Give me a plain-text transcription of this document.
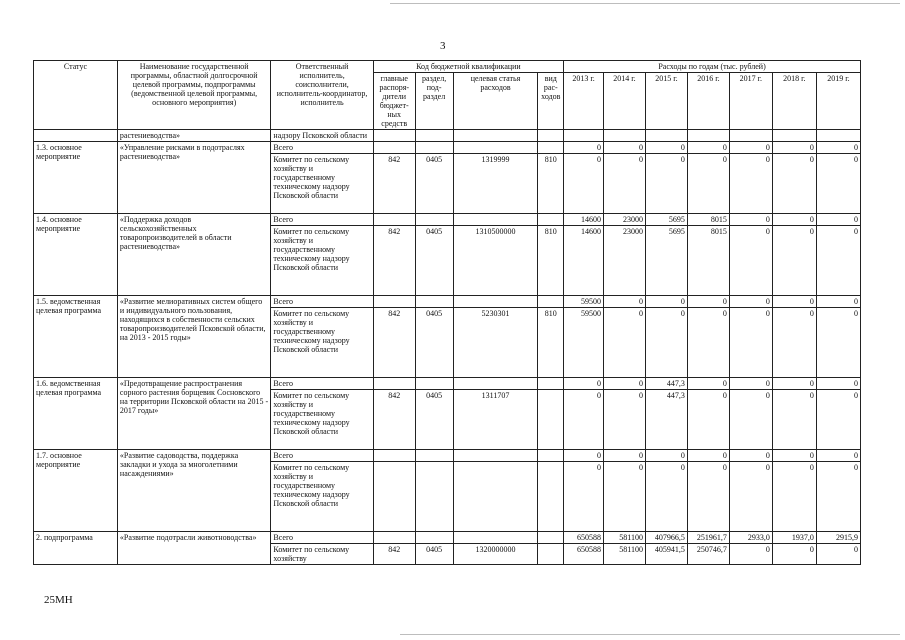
3
Статус	Наименование государственной программы, областной долгосрочной целевой программы, подпрограммы (ведомственной целевой программы, основного мероприятия)	Ответственный исполнитель, соисполнители, исполнитель-координатор, исполнитель	Код бюджетной квалификации				Расходы по годам (тыс. рублей)						
			главные распоря-дители бюджет-ных средств	раздел, под-раздел	целевая статья расходов	вид рас-ходов	2013 г.	2014 г.	2015 г.	2016 г.	2017 г.	2018 г.	2019 г.
	растениеводства»	надзору Псковской области											
1.3. основное мероприятие	«Управление рисками в подотраслях растениеводства»	Всего					0	0	0	0	0	0	0
		Комитет по сельскому хозяйству и государственному техническому надзору Псковской области	842	0405	1319999	810	0	0	0	0	0	0	0
1.4. основное мероприятие	«Поддержка доходов сельскохозяйственных товаропроизводителей в области растениеводства»	Всего					14600	23000	5695	8015	0	0	0
		Комитет по сельскому хозяйству и государственному техническому надзору Псковской области	842	0405	1310500000	810	14600	23000	5695	8015	0	0	0
1.5. ведомственная целевая программа	«Развитие мелиоративных систем общего и индивидуального пользования, находящихся в собственности сельских товаропроизводителей Псковской области, на 2013 - 2015 годы»	Всего					59500	0	0	0	0	0	0
		Комитет по сельскому хозяйству и государственному техническому надзору Псковской области	842	0405	5230301	810	59500	0	0	0	0	0	0
1.6. ведомственная целевая программа	«Предотвращение распространения сорного растения борщевик Сосновского на территории Псковской области на 2015 - 2017 годы»	Всего					0	0	447,3	0	0	0	0
		Комитет по сельскому хозяйству и государственному техническому надзору Псковской области	842	0405	1311707		0	0	447,3	0	0	0	0
1.7. основное мероприятие	«Развитие садоводства, поддержка закладки и ухода за многолетними насаждениями»	Всего					0	0	0	0	0	0	0
		Комитет по сельскому хозяйству и государственному техническому надзору Псковской области					0	0	0	0	0	0	0
2. подпрограмма	«Развитие подотрасли животноводства»	Всего					650588	581100	407966,5	251961,7	2933,0	1937,0	2915,9
		Комитет по сельскому хозяйству	842	0405	1320000000		650588	581100	405941,5	250746,7	0	0	0
25МН
